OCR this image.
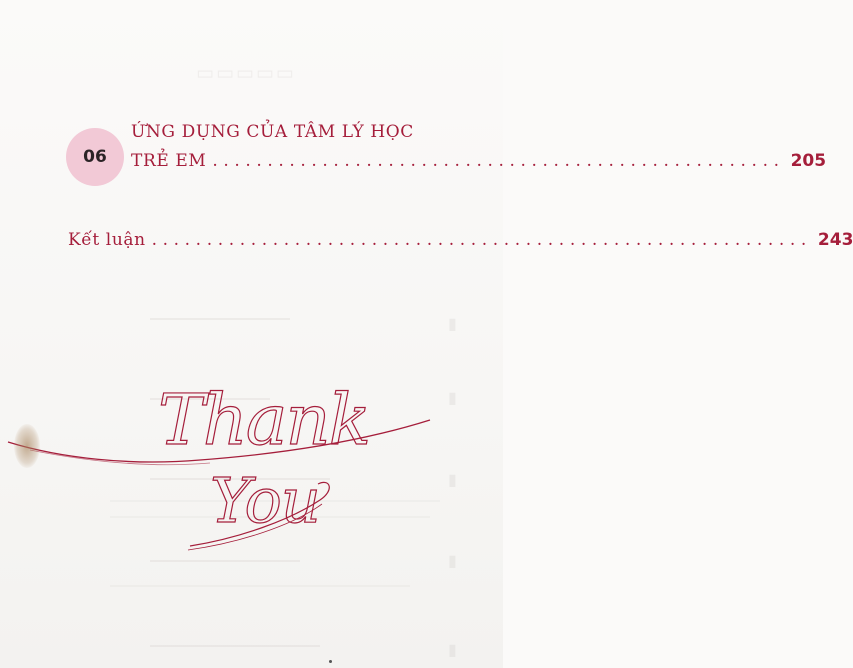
▭▭▭▭▭
▮
▮
▮
▮
▮
06
ỨNG DỤNG CỦA TÂM LÝ HỌC
TRẺ EM .................................................... 205
Kết luận ............................................................ 243
Thank
You
